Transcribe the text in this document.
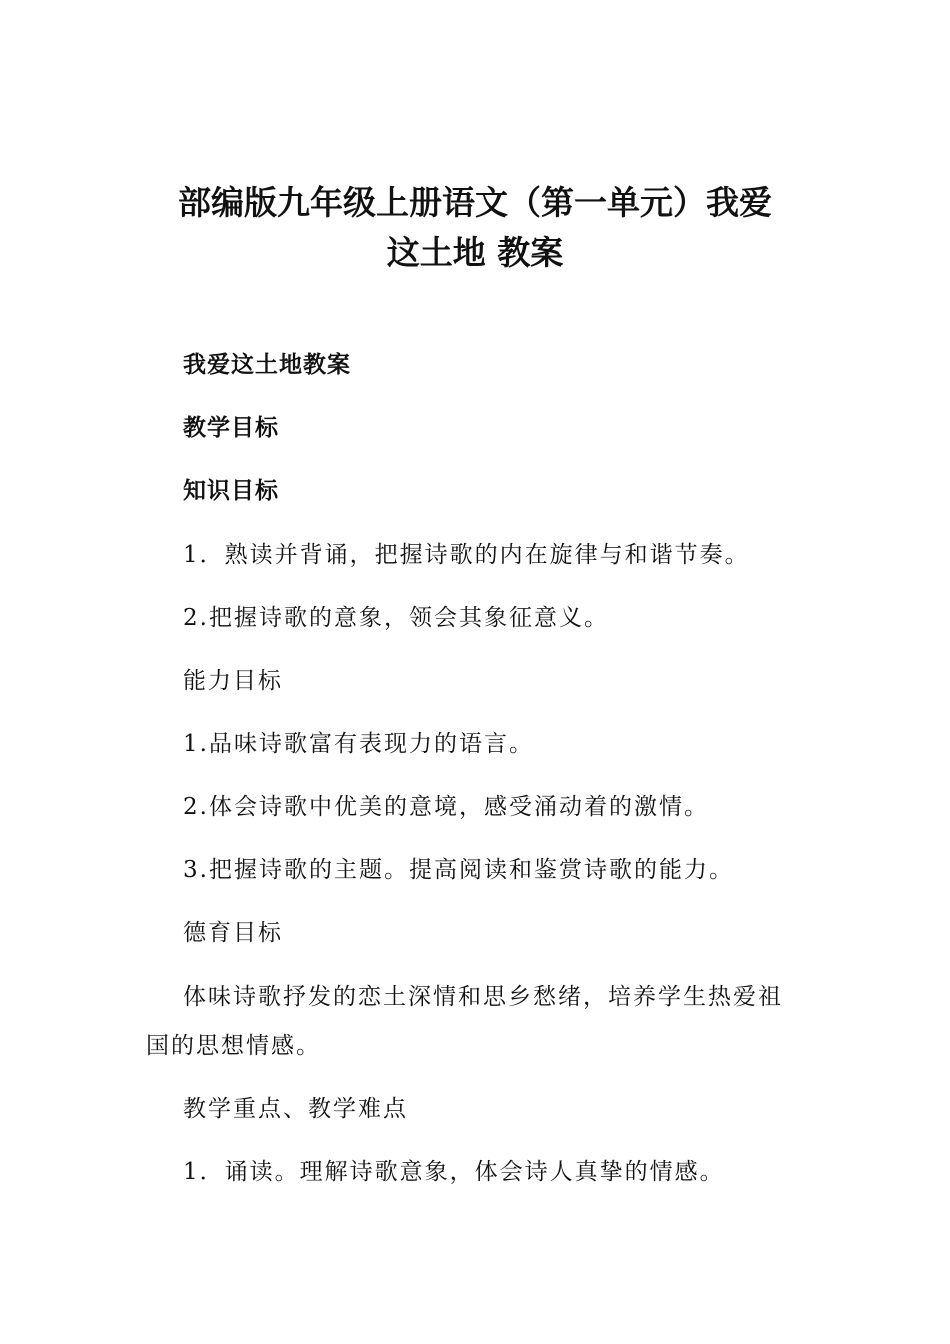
部编版九年级上册语文（第一单元）我爱
这土地 教案

我爱这土地教案

教学目标

知识目标

1．熟读并背诵，把握诗歌的内在旋律与和谐节奏。

2.把握诗歌的意象，领会其象征意义。

能力目标

1.品味诗歌富有表现力的语言。

2.体会诗歌中优美的意境，感受涌动着的激情。

3.把握诗歌的主题。提高阅读和鉴赏诗歌的能力。

德育目标

体味诗歌抒发的恋土深情和思乡愁绪，培养学生热爱祖

国的思想情感。

教学重点、教学难点

1．诵读。理解诗歌意象，体会诗人真挚的情感。
